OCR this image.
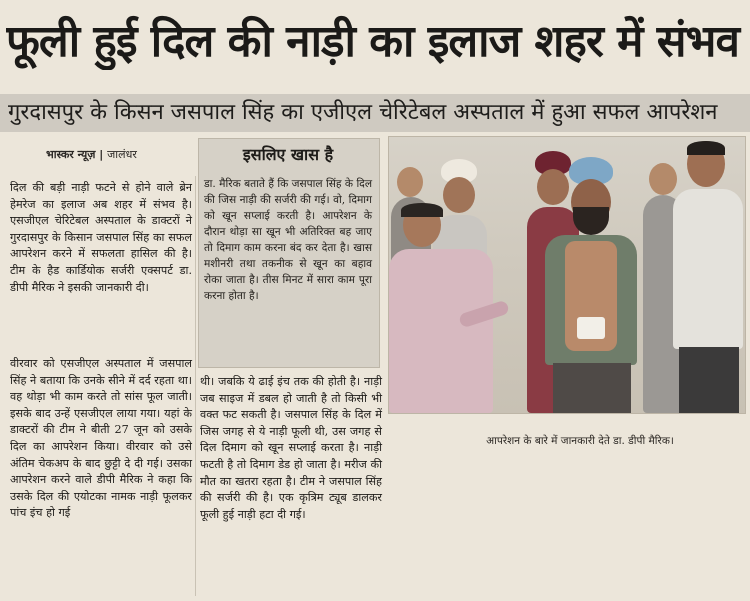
फूली हुई दिल की नाड़ी का इलाज शहर में संभव
गुरदासपुर के किसन जसपाल सिंह का एजीएल चेरिटेबल अस्पताल में हुआ सफल आपरेशन
भास्कर न्यूज़ | जालंधर
दिल की बड़ी नाड़ी फटने से होने वाले ब्रेन हेमरेज का इलाज अब शहर में संभव है। एसजीएल चेरिटेबल अस्पताल के डाक्टरों ने गुरदासपुर के किसान जसपाल सिंह का सफल आपरेशन करने में सफलता हासिल की है। टीम के हैड कार्डियोक सर्जरी एक्सपर्ट डा. डीपी मैरिक ने इसकी जानकारी दी।
वीरवार को एसजीएल अस्पताल में जसपाल सिंह ने बताया कि उनके सीने में दर्द रहता था। वह थोड़ा भी काम करते तो सांस फूल जाती। इसके बाद उन्हें एसजीएल लाया गया। यहां के डाक्टरों की टीम ने बीती 27 जून को उसके दिल का आपरेशन किया। वीरवार को उसे अंतिम चेकअप के बाद छुट्टी दे दी गई। उसका आपरेशन करने वाले डीपी मैरिक ने कहा कि उसके दिल की एयोटका नामक नाड़ी फूलकर पांच इंच हो गई
इसलिए खास है
डा. मैरिक बताते हैं कि जसपाल सिंह के दिल की जिस नाड़ी की सर्जरी की गई। वो, दिमाग को खून सप्लाई करती है। आपरेशन के दौरान थोड़ा सा खून भी अतिरिक्त बह जाए तो दिमाग काम करना बंद कर देता है। खास मशीनरी तथा तकनीक से खून का बहाव रोका जाता है। तीस मिनट में सारा काम पूरा करना होता है।
थी। जबकि ये ढाई इंच तक की होती है। नाड़ी जब साइज में डबल हो जाती है तो किसी भी वक्त फट सकती है। जसपाल सिंह के दिल में जिस जगह से ये नाड़ी फूली थी, उस जगह से दिल दिमाग को खून सप्लाई करता है। नाड़ी फटती है तो दिमाग डेड हो जाता है। मरीज की मौत का खतरा रहता है। टीम ने जसपाल सिंह की सर्जरी की है। एक कृत्रिम ट्यूब डालकर फूली हुई नाड़ी हटा दी गई।
आपरेशन के बारे में जानकारी देते डा. डीपी मैरिक।
